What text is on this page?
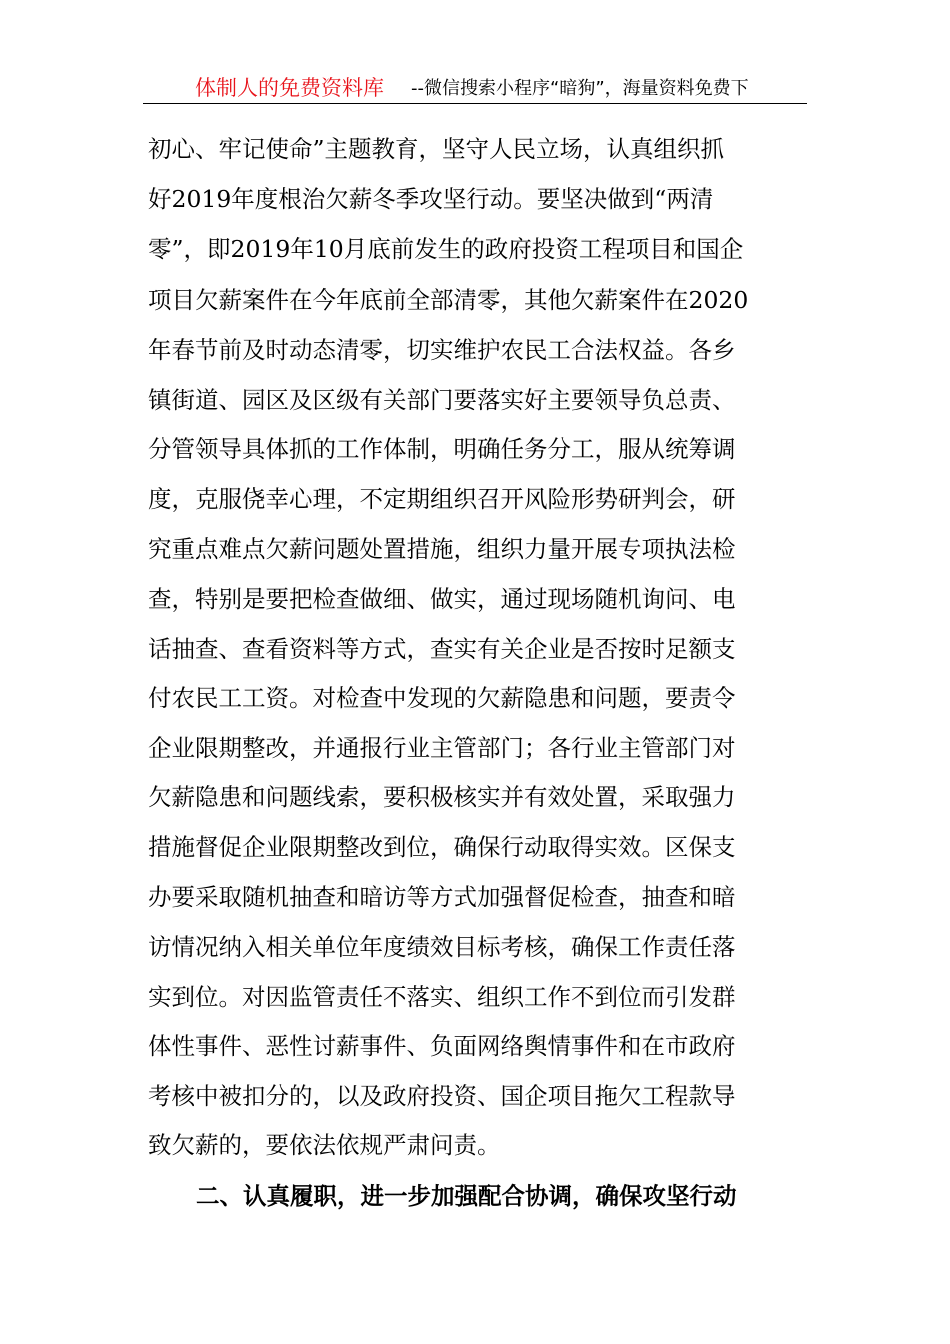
体制人的免费资料库 --微信搜索小程序“暗狗”，海量资料免费下
初心、牢记使命”主题教育，坚守人民立场，认真组织抓
好2019年度根治欠薪冬季攻坚行动。要坚决做到“两清
零”，即2019年10月底前发生的政府投资工程项目和国企
项目欠薪案件在今年底前全部清零，其他欠薪案件在2020
年春节前及时动态清零，切实维护农民工合法权益。各乡
镇街道、园区及区级有关部门要落实好主要领导负总责、
分管领导具体抓的工作体制，明确任务分工，服从统筹调
度，克服侥幸心理，不定期组织召开风险形势研判会，研
究重点难点欠薪问题处置措施，组织力量开展专项执法检
查，特别是要把检查做细、做实，通过现场随机询问、电
话抽查、查看资料等方式，查实有关企业是否按时足额支
付农民工工资。对检查中发现的欠薪隐患和问题，要责令
企业限期整改，并通报行业主管部门；各行业主管部门对
欠薪隐患和问题线索，要积极核实并有效处置，采取强力
措施督促企业限期整改到位，确保行动取得实效。区保支
办要采取随机抽查和暗访等方式加强督促检查，抽查和暗
访情况纳入相关单位年度绩效目标考核，确保工作责任落
实到位。对因监管责任不落实、组织工作不到位而引发群
体性事件、恶性讨薪事件、负面网络舆情事件和在市政府
考核中被扣分的，以及政府投资、国企项目拖欠工程款导
致欠薪的，要依法依规严肃问责。
二、认真履职，进一步加强配合协调，确保攻坚行动
